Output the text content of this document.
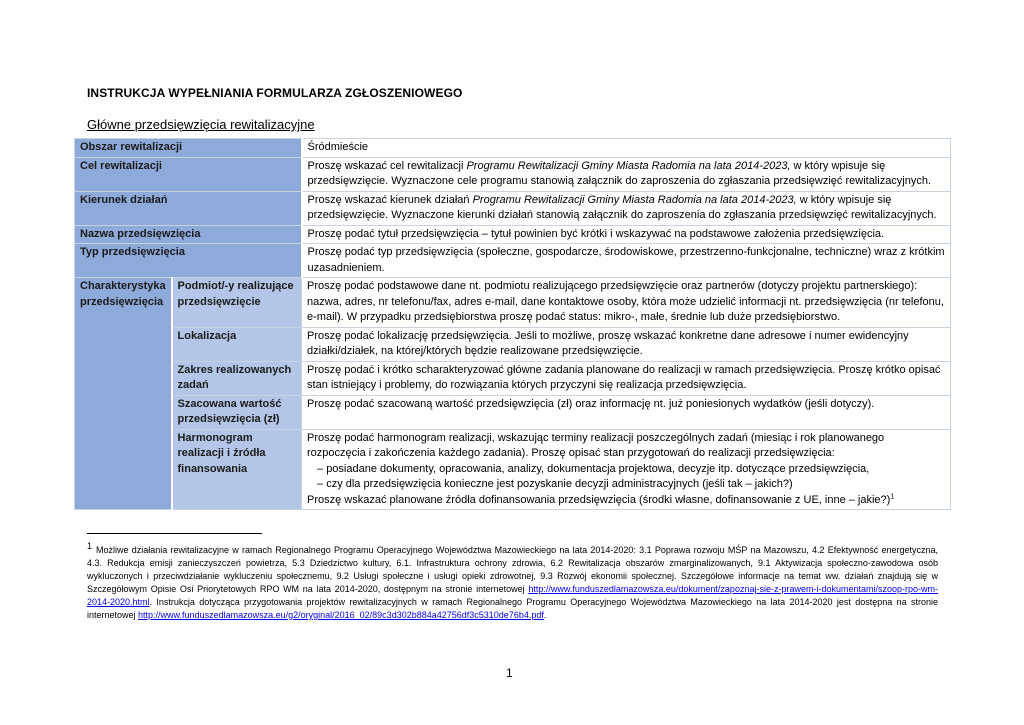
INSTRUKCJA WYPEŁNIANIA FORMULARZA ZGŁOSZENIOWEGO
Główne przedsięwzięcia rewitalizacyjne
Obszar rewitalizacji		Śródmieście
Cel rewitalizacji		Proszę wskazać cel rewitalizacji Programu Rewitalizacji Gminy Miasta Radomia na lata 2014-2023, w który wpisuje się przedsięwzięcie. Wyznaczone cele programu stanowią załącznik do zaproszenia do zgłaszania przedsięwzięć rewitalizacyjnych.
Kierunek działań		Proszę wskazać kierunek działań Programu Rewitalizacji Gminy Miasta Radomia na lata 2014-2023, w który wpisuje się przedsięwzięcie. Wyznaczone kierunki działań stanowią załącznik do zaproszenia do zgłaszania przedsięwzięć rewitalizacyjnych.
Nazwa przedsięwzięcia		Proszę podać tytuł przedsięwzięcia – tytuł powinien być krótki i wskazywać na podstawowe założenia przedsięwzięcia.
Typ przedsięwzięcia		Proszę podać typ przedsięwzięcia (społeczne, gospodarcze, środowiskowe, przestrzenno-funkcjonalne, techniczne) wraz z krótkim uzasadnieniem.
Charakterystyka przedsięwzięcia	Podmiot/-y realizujące przedsięwzięcie	Proszę podać podstawowe dane nt. podmiotu realizującego przedsięwzięcie oraz partnerów (dotyczy projektu partnerskiego): nazwa, adres, nr telefonu/fax, adres e-mail, dane kontaktowe osoby, która może udzielić informacji nt. przedsięwzięcia (nr telefonu, e-mail). W przypadku przedsiębiorstwa proszę podać status: mikro-, małe, średnie lub duże przedsiębiorstwo.
	Lokalizacja	Proszę podać lokalizację przedsięwzięcia. Jeśli to możliwe, proszę wskazać konkretne dane adresowe i numer ewidencyjny działki/działek, na której/których będzie realizowane przedsięwzięcie.
	Zakres realizowanych zadań	Proszę podać i krótko scharakteryzować główne zadania planowane do realizacji w ramach przedsięwzięcia. Proszę krótko opisać stan istniejący i problemy, do rozwiązania których przyczyni się realizacja przedsięwzięcia.
	Szacowana wartość przedsięwzięcia (zł)	Proszę podać szacowaną wartość przedsięwzięcia (zł) oraz informację nt. już poniesionych wydatków (jeśli dotyczy).
	Harmonogram realizacji i źródła finansowania	Proszę podać harmonogram realizacji, wskazując terminy realizacji poszczególnych zadań (miesiąc i rok planowanego rozpoczęcia i zakończenia każdego zadania). Proszę opisać stan przygotowań do realizacji przedsięwzięcia:
– posiadane dokumenty, opracowania, analizy, dokumentacja projektowa, decyzje itp. dotyczące przedsięwzięcia,
– czy dla przedsięwzięcia konieczne jest pozyskanie decyzji administracyjnych (jeśli tak – jakich?)
Proszę wskazać planowane źródła dofinansowania przedsięwzięcia (środki własne, dofinansowanie z UE, inne – jakie?)$^1$
1 Możliwe działania rewitalizacyjne w ramach Regionalnego Programu Operacyjnego Województwa Mazowieckiego na lata 2014-2020: 3.1 Poprawa rozwoju MŚP na Mazowszu, 4.2 Efektywność energetyczna, 4.3. Redukcja emisji zanieczyszczeń powietrza, 5.3 Dziedzictwo kultury, 6.1. Infrastruktura ochrony zdrowia, 6.2 Rewitalizacja obszarów zmarginalizowanych, 9.1 Aktywizacja społeczno-zawodowa osób wykluczonych i przeciwdziałanie wykluczeniu społecznemu, 9.2 Usługi społeczne i usługi opieki zdrowotnej, 9.3 Rozwój ekonomii społecznej. Szczegółowe informacje na temat ww. działań znajdują się w Szczegółowym Opisie Osi Priorytetowych RPO WM na lata 2014-2020, dostępnym na stronie internetowej http://www.funduszedlamazowsza.eu/dokument/zapoznaj-sie-z-prawem-i-dokumentami/szoop-rpo-wm-2014-2020.html. Instrukcja dotycząca przygotowania projektów rewitalizacyjnych w ramach Regionalnego Programu Operacyjnego Województwa Mazowieckiego na lata 2014-2020 jest dostępna na stronie internetowej http://www.funduszedlamazowsza.eu/g2/oryginal/2016_02/89c3d302b884a42756df3c5310de76b4.pdf.
1
